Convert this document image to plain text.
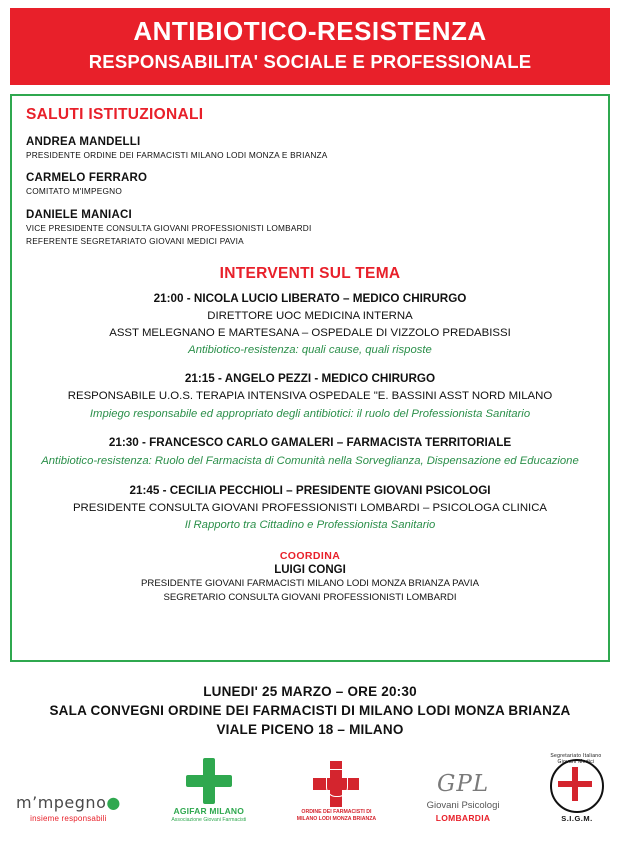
ANTIBIOTICO-RESISTENZA
RESPONSABILITA' SOCIALE E PROFESSIONALE
SALUTI ISTITUZIONALI
ANDREA MANDELLI
PRESIDENTE ORDINE DEI FARMACISTI MILANO LODI MONZA E BRIANZA
CARMELO FERRARO
COMITATO M'IMPEGNO
DANIELE MANIACI
VICE PRESIDENTE CONSULTA GIOVANI PROFESSIONISTI LOMBARDI
REFERENTE SEGRETARIATO GIOVANI MEDICI PAVIA
INTERVENTI SUL TEMA
21:00 - NICOLA LUCIO LIBERATO – MEDICO CHIRURGO
DIRETTORE UOC MEDICINA INTERNA
ASST MELEGNANO E MARTESANA – OSPEDALE DI VIZZOLO PREDABISSI
Antibiotico-resistenza: quali cause, quali risposte
21:15 - ANGELO PEZZI - MEDICO CHIRURGO
RESPONSABILE U.O.S. TERAPIA INTENSIVA OSPEDALE "E. BASSINI ASST NORD MILANO
Impiego responsabile ed appropriato degli antibiotici: il ruolo del Professionista Sanitario
21:30 - FRANCESCO CARLO GAMALERI – FARMACISTA TERRITORIALE
Antibiotico-resistenza: Ruolo del Farmacista di Comunità nella Sorveglianza, Dispensazione ed Educazione
21:45 - CECILIA PECCHIOLI – PRESIDENTE GIOVANI PSICOLOGI
PRESIDENTE CONSULTA GIOVANI PROFESSIONISTI LOMBARDI – PSICOLOGA CLINICA
Il Rapporto tra Cittadino e Professionista Sanitario
COORDINA
LUIGI CONGI
PRESIDENTE GIOVANI FARMACISTI MILANO LODI MONZA BRIANZA PAVIA
SEGRETARIO CONSULTA GIOVANI PROFESSIONISTI LOMBARDI
LUNEDI' 25 MARZO – ORE 20:30
SALA CONVEGNI ORDINE DEI FARMACISTI DI MILANO LODI MONZA BRIANZA
VIALE PICENO 18 – MILANO
m’mpegno●
insieme responsabili
AGIFAR MILANO
Associazione Giovani Farmacisti
ORDINE DEI FARMACISTI DI
MILANO LODI MONZA BRIANZA
GPL
Giovani Psicologi
LOMBARDIA
Segretariato Italiano Giovani Medici
S.I.G.M.
